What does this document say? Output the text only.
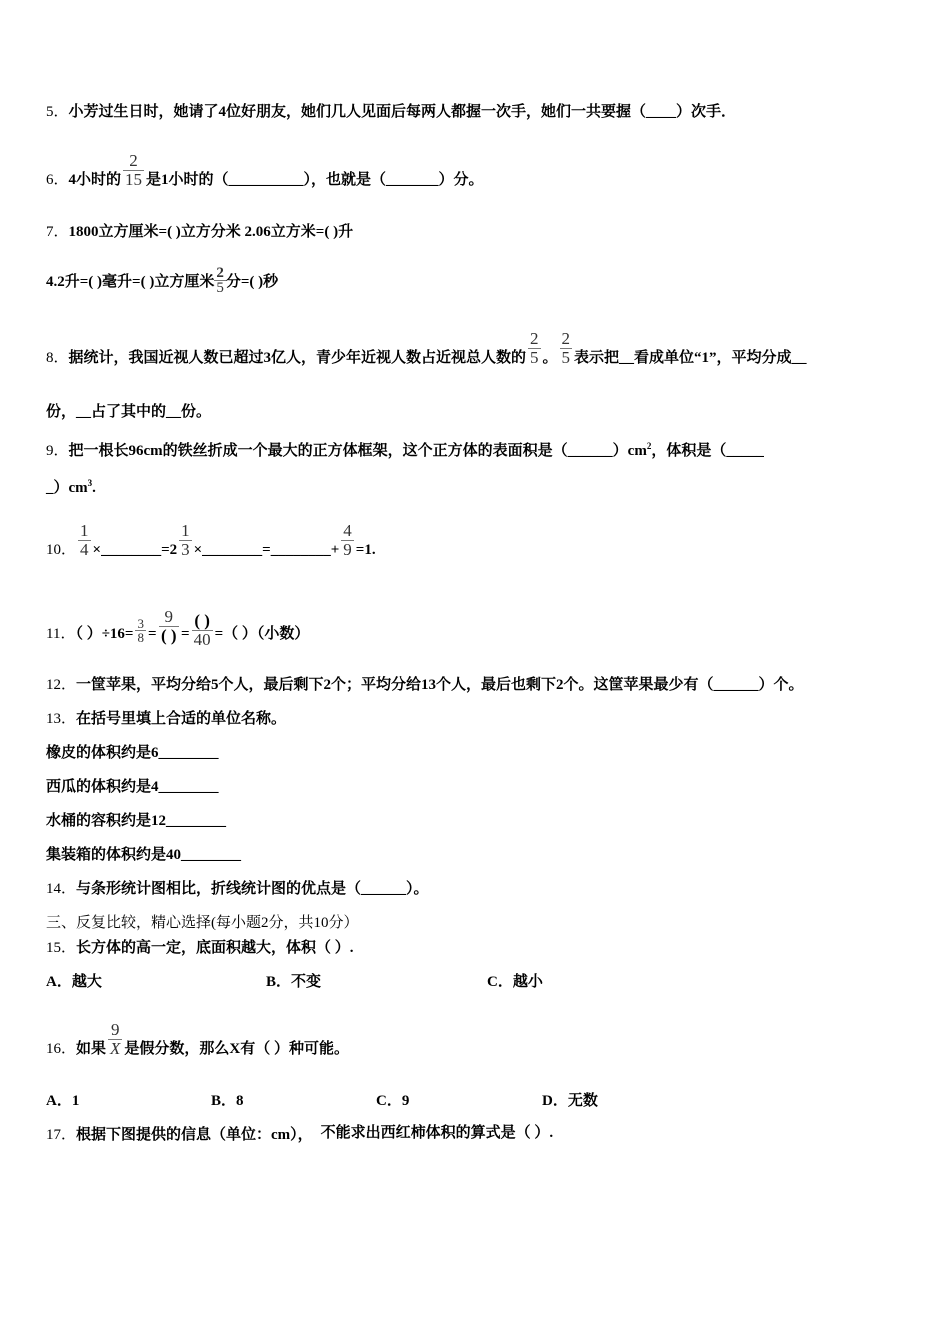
5．小芳过生日时，她请了4位好朋友，她们几人见面后每两人都握一次手，她们一共要握（____）次手．
6．4小时的 $\frac{2}{15}$ 是1小时的（__________），也就是（_______）分。
7．1800立方厘米=( )立方分米 2.06立方米=( )升
4.2升=( )毫升=( )立方厘米 $\frac{2}{5}$ 分=( )秒
8．据统计，我国近视人数已超过3亿人，青少年近视人数占近视总人数的 $\frac{2}{5}$ 。 $\frac{2}{5}$ 表示把__看成单位“1”，平均分成__
份，__占了其中的__份。
9．把一根长96cm的铁丝折成一个最大的正方体框架，这个正方体的表面积是$(\_\_\_\_\_\_)cm^2$，体积是（_____
$\_)cm^3$.
10． $\frac{1}{4}$ ×________=2 $\frac{1}{3}$ ×________=________+ $\frac{4}{9} =1$.
11．（ ）$\div 16= \frac{3}{8}$ =
9
( ) =
( )
40 =（ ）（小数）
12．一筐苹果，平均分给5个人，最后剩下2个；平均分给13个人，最后也剩下2个。这筐苹果最少有（______）个。
13．在括号里填上合适的单位名称。
橡皮的体积约是6________
西瓜的体积约是4________
水桶的容积约是12________
集装箱的体积约是40________
14．与条形统计图相比，折线统计图的优点是（______）。
三、反复比较，精心选择(每小题2分，共10分）
15．长方体的高一定，底面积越大，体积（ ）.
A．越大	B．不变	C．越小
16．如果 $\frac{9}{X}$ 是假分数，那么X有（ ）种可能。
A．1	B．8	C．9	D．无数
17．根据下图提供的信息（单位：cm）， 不能求出西红柿体积的算式是（ ）.
